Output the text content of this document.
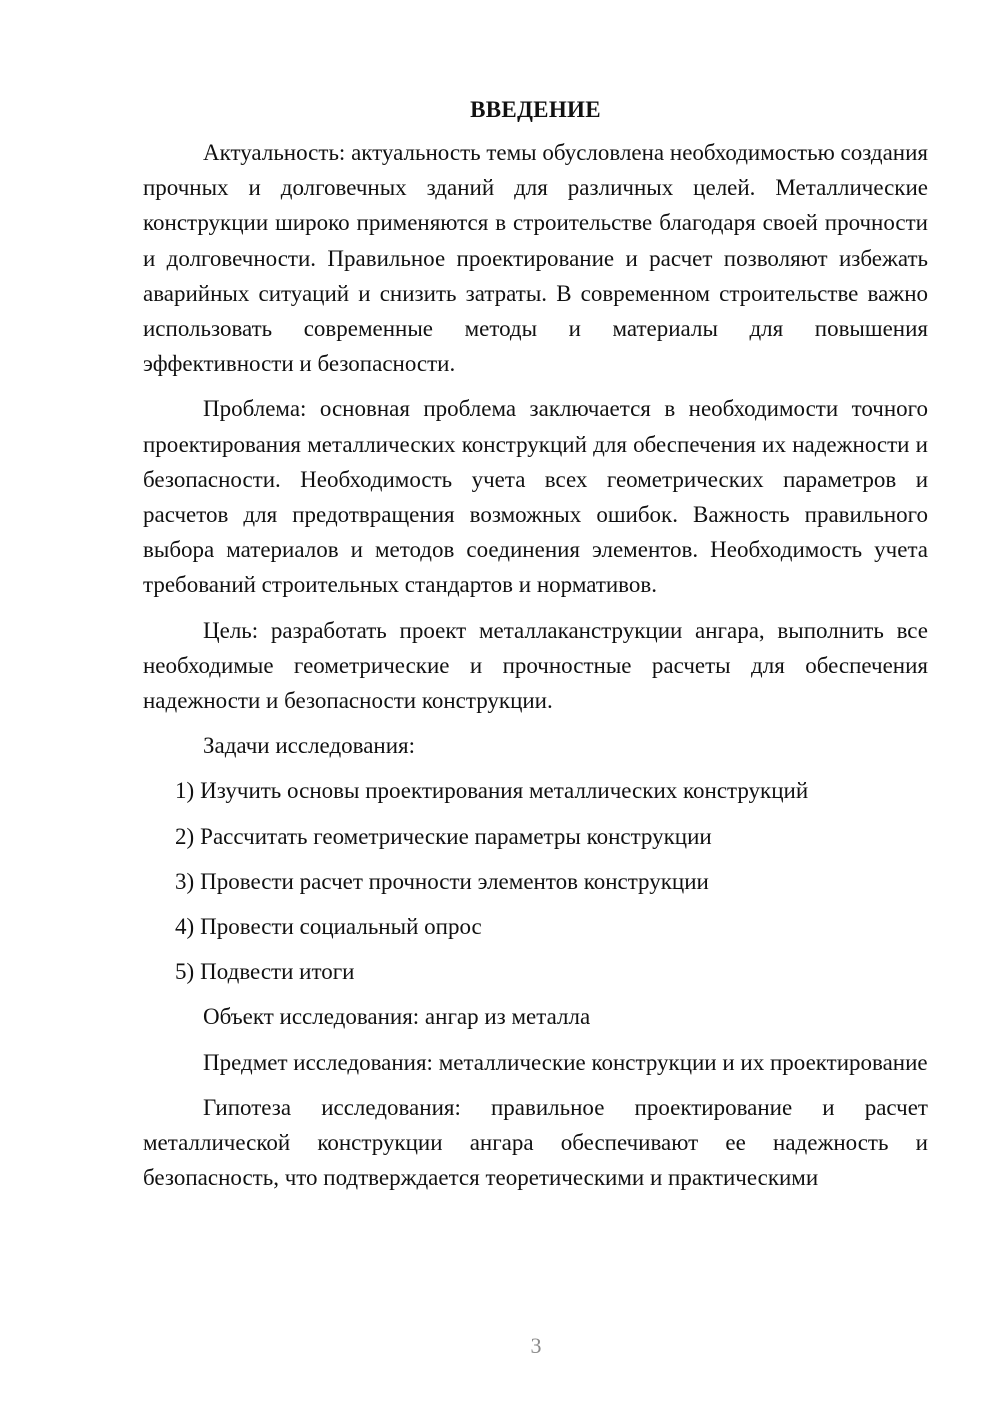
ВВЕДЕНИЕ

Актуальность: актуальность темы обусловлена необходимостью создания прочных и долговечных зданий для различных целей. Металлические конструкции широко применяются в строительстве благодаря своей прочности и долговечности. Правильное проектирование и расчет позволяют избежать аварийных ситуаций и снизить затраты. В современном строительстве важно использовать современные методы и материалы для повышения эффективности и безопасности.

Проблема: основная проблема заключается в необходимости точного проектирования металлических конструкций для обеспечения их надежности и безопасности. Необходимость учета всех геометрических параметров и расчетов для предотвращения возможных ошибок. Важность правильного выбора материалов и методов соединения элементов. Необходимость учета требований строительных стандартов и нормативов.

Цель: разработать проект металлаканструкции ангара, выполнить все необходимые геометрические и прочностные расчеты для обеспечения надежности и безопасности конструкции.

Задачи исследования:

1) Изучить основы проектирования металлических конструкций
2) Рассчитать геометрические параметры конструкции
3) Провести расчет прочности элементов конструкции
4) Провести социальный опрос
5) Подвести итоги

Объект исследования: ангар из металла

Предмет исследования: металлические конструкции и их проектирование

Гипотеза исследования: правильное проектирование и расчет металлической конструкции ангара обеспечивают ее надежность и безопасность, что подтверждается теоретическими и практическими

3
